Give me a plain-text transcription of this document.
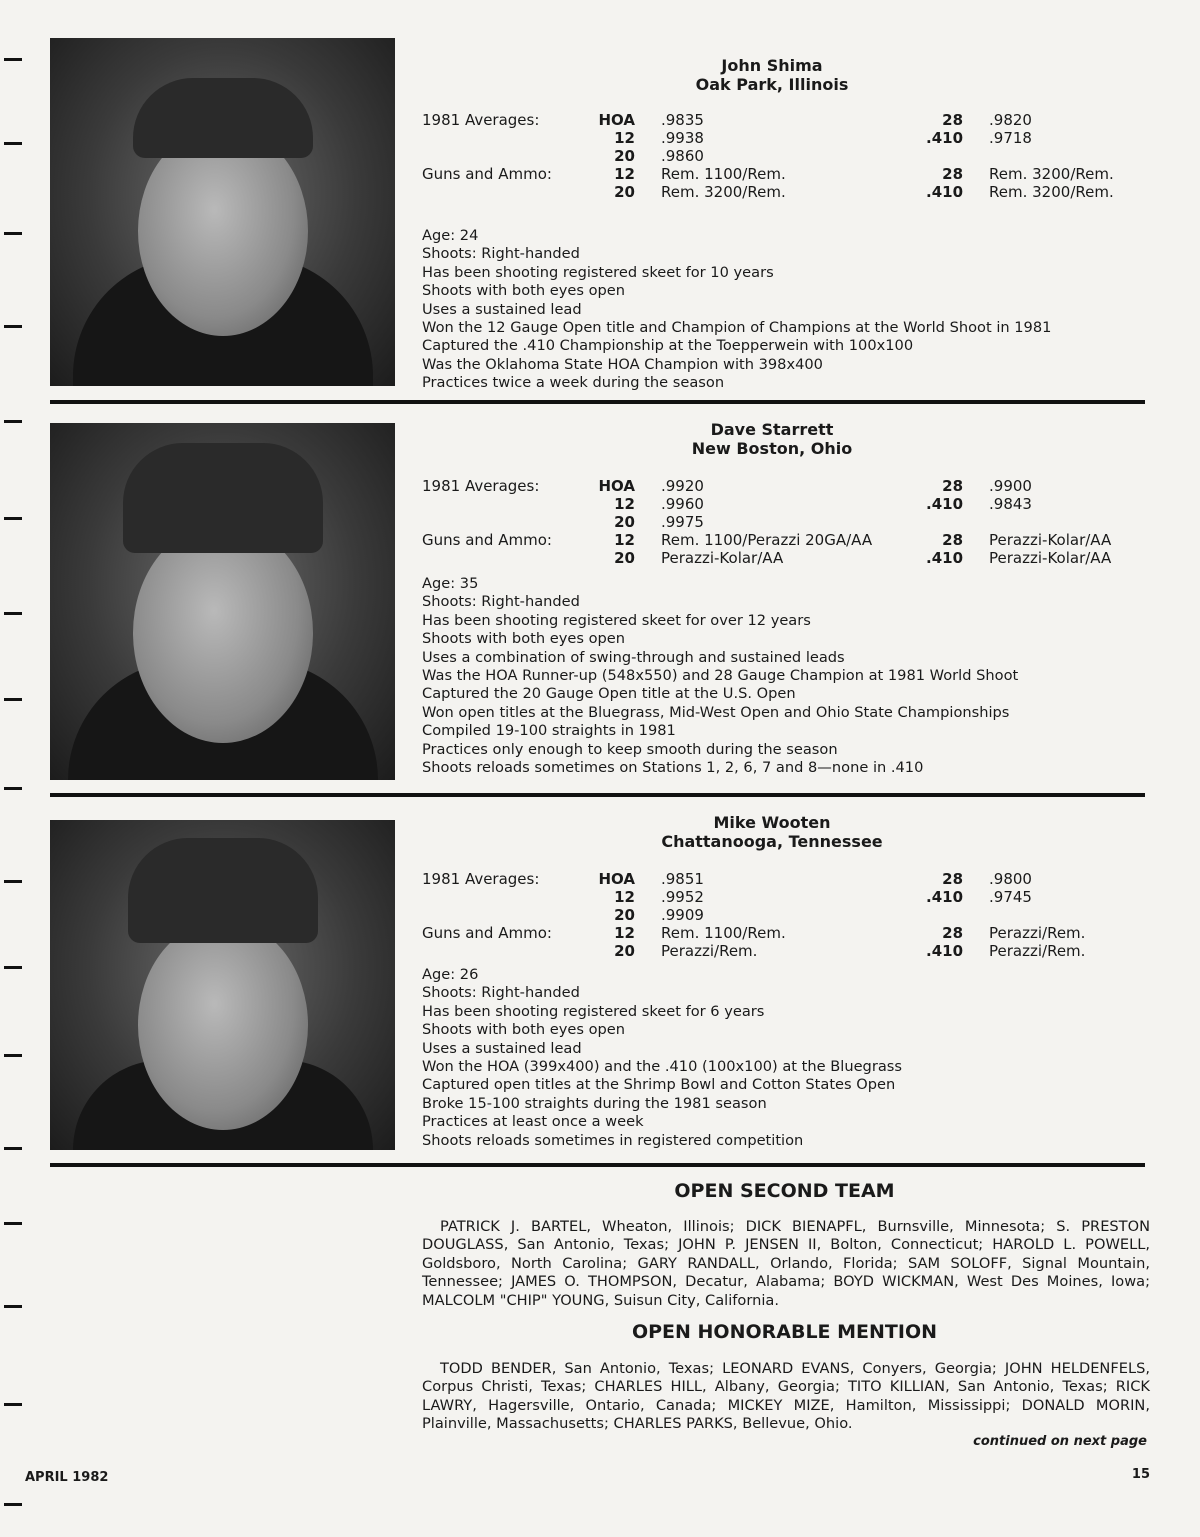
John Shima
Oak Park, Illinois
1981 Averages:	HOA	.9835	28	.9820
	12	.9938	.410	.9718
	20	.9860		
Guns and Ammo:	12	Rem. 1100/Rem.	28	Rem. 3200/Rem.
	20	Rem. 3200/Rem.	.410	Rem. 3200/Rem.
Age: 24
Shoots: Right-handed
Has been shooting registered skeet for 10 years
Shoots with both eyes open
Uses a sustained lead
Won the 12 Gauge Open title and Champion of Champions at the World Shoot in 1981
Captured the .410 Championship at the Toepperwein with 100x100
Was the Oklahoma State HOA Champion with 398x400
Practices twice a week during the season
Dave Starrett
New Boston, Ohio
1981 Averages:	HOA	.9920	28	.9900
	12	.9960	.410	.9843
	20	.9975		
Guns and Ammo:	12	Rem. 1100/Perazzi 20GA/AA	28	Perazzi-Kolar/AA
	20	Perazzi-Kolar/AA	.410	Perazzi-Kolar/AA
Age: 35
Shoots: Right-handed
Has been shooting registered skeet for over 12 years
Shoots with both eyes open
Uses a combination of swing-through and sustained leads
Was the HOA Runner-up (548x550) and 28 Gauge Champion at 1981 World Shoot
Captured the 20 Gauge Open title at the U.S. Open
Won open titles at the Bluegrass, Mid-West Open and Ohio State Championships
Compiled 19-100 straights in 1981
Practices only enough to keep smooth during the season
Shoots reloads sometimes on Stations 1, 2, 6, 7 and 8—none in .410
Mike Wooten
Chattanooga, Tennessee
1981 Averages:	HOA	.9851	28	.9800
	12	.9952	.410	.9745
	20	.9909		
Guns and Ammo:	12	Rem. 1100/Rem.	28	Perazzi/Rem.
	20	Perazzi/Rem.	.410	Perazzi/Rem.
Age: 26
Shoots: Right-handed
Has been shooting registered skeet for 6 years
Shoots with both eyes open
Uses a sustained lead
Won the HOA (399x400) and the .410 (100x100) at the Bluegrass
Captured open titles at the Shrimp Bowl and Cotton States Open
Broke 15-100 straights during the 1981 season
Practices at least once a week
Shoots reloads sometimes in registered competition
OPEN SECOND TEAM
PATRICK J. BARTEL, Wheaton, Illinois; DICK BIENAPFL, Burnsville, Minnesota; S. PRESTON DOUGLASS, San Antonio, Texas; JOHN P. JENSEN II, Bolton, Connecticut; HAROLD L. POWELL, Goldsboro, North Carolina; GARY RANDALL, Orlando, Florida; SAM SOLOFF, Signal Mountain, Tennessee; JAMES O. THOMPSON, Decatur, Alabama; BOYD WICKMAN, West Des Moines, Iowa; MALCOLM "CHIP" YOUNG, Suisun City, California.
OPEN HONORABLE MENTION
TODD BENDER, San Antonio, Texas; LEONARD EVANS, Conyers, Georgia; JOHN HELDENFELS, Corpus Christi, Texas; CHARLES HILL, Albany, Georgia; TITO KILLIAN, San Antonio, Texas; RICK LAWRY, Hagersville, Ontario, Canada; MICKEY MIZE, Hamilton, Mississippi; DONALD MORIN, Plainville, Massachusetts; CHARLES PARKS, Bellevue, Ohio.
continued on next page
APRIL 1982	15
